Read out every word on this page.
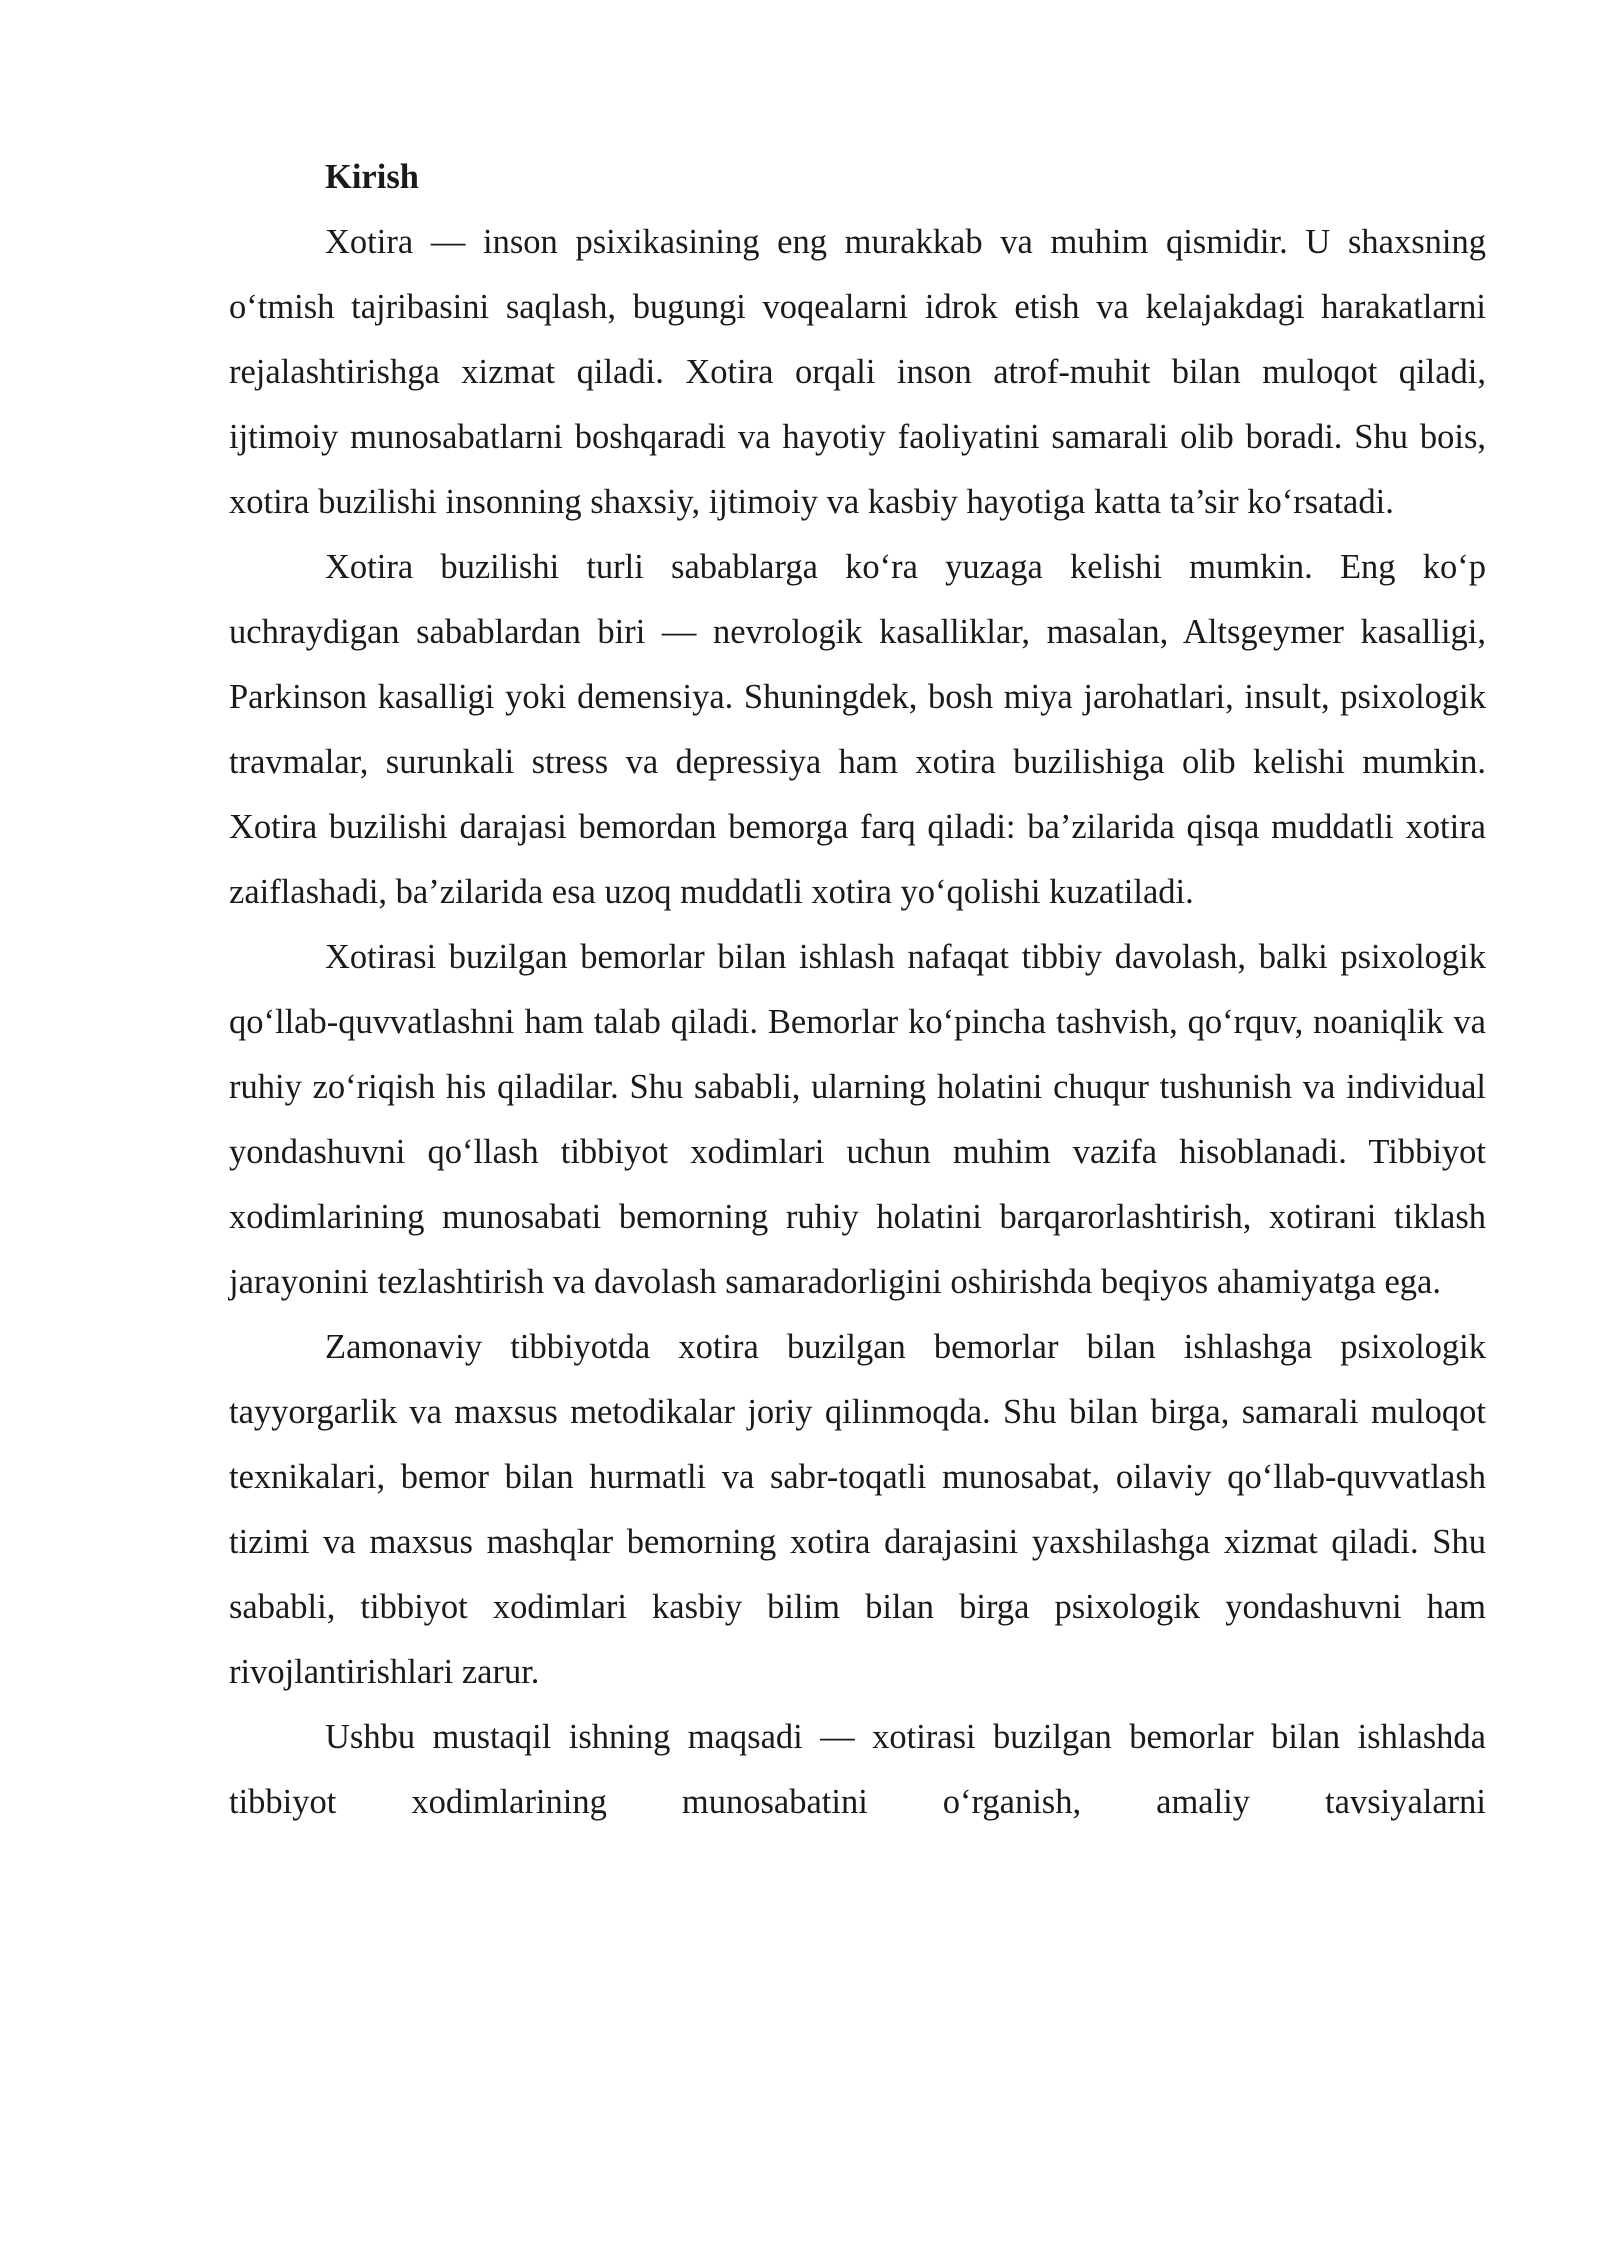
Kirish

Xotira — inson psixikasining eng murakkab va muhim qismidir. U shaxsning o‘tmish tajribasini saqlash, bugungi voqealarni idrok etish va kelajakdagi harakatlarni rejalashtirishga xizmat qiladi. Xotira orqali inson atrof-muhit bilan muloqot qiladi, ijtimoiy munosabatlarni boshqaradi va hayotiy faoliyatini samarali olib boradi. Shu bois, xotira buzilishi insonning shaxsiy, ijtimoiy va kasbiy hayotiga katta ta’sir ko‘rsatadi.

Xotira buzilishi turli sabablarga ko‘ra yuzaga kelishi mumkin. Eng ko‘p uchraydigan sabablardan biri — nevrologik kasalliklar, masalan, Altsgeymer kasalligi, Parkinson kasalligi yoki demensiya. Shuningdek, bosh miya jarohatlari, insult, psixologik travmalar, surunkali stress va depressiya ham xotira buzilishiga olib kelishi mumkin. Xotira buzilishi darajasi bemordan bemorga farq qiladi: ba’zilarida qisqa muddatli xotira zaiflashadi, ba’zilarida esa uzoq muddatli xotira yo‘qolishi kuzatiladi.

Xotirasi buzilgan bemorlar bilan ishlash nafaqat tibbiy davolash, balki psixologik qo‘llab-quvvatlashni ham talab qiladi. Bemorlar ko‘pincha tashvish, qo‘rquv, noaniqlik va ruhiy zo‘riqish his qiladilar. Shu sababli, ularning holatini chuqur tushunish va individual yondashuvni qo‘llash tibbiyot xodimlari uchun muhim vazifa hisoblanadi. Tibbiyot xodimlarining munosabati bemorning ruhiy holatini barqarorlashtirish, xotirani tiklash jarayonini tezlashtirish va davolash samaradorligini oshirishda beqiyos ahamiyatga ega.

Zamonaviy tibbiyotda xotira buzilgan bemorlar bilan ishlashga psixologik tayyorgarlik va maxsus metodikalar joriy qilinmoqda. Shu bilan birga, samarali muloqot texnikalari, bemor bilan hurmatli va sabr-toqatli munosabat, oilaviy qo‘llab-quvvatlash tizimi va maxsus mashqlar bemorning xotira darajasini yaxshilashga xizmat qiladi. Shu sababli, tibbiyot xodimlari kasbiy bilim bilan birga psixologik yondashuvni ham rivojlantirishlari zarur.

Ushbu mustaqil ishning maqsadi — xotirasi buzilgan bemorlar bilan ishlashda tibbiyot xodimlarining munosabatini o‘rganish, amaliy tavsiyalarni
